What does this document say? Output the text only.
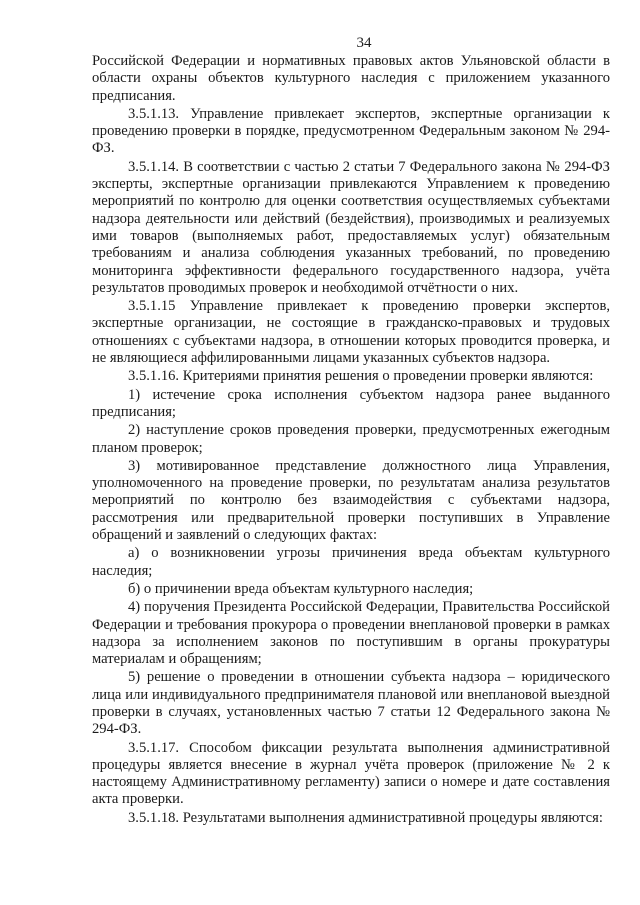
34

Российской Федерации и нормативных правовых актов Ульяновской области в области охраны объектов культурного наследия с приложением указанного предписания.

3.5.1.13. Управление привлекает экспертов, экспертные организации к проведению проверки в порядке, предусмотренном Федеральным законом № 294-ФЗ.

3.5.1.14. В соответствии с частью 2 статьи 7 Федерального закона № 294-ФЗ эксперты, экспертные организации привлекаются Управлением к проведению мероприятий по контролю для оценки соответствия осуществляемых субъектами надзора деятельности или действий (бездействия), производимых и реализуемых ими товаров (выполняемых работ, предоставляемых услуг) обязательным требованиям и анализа соблюдения указанных требований, по проведению мониторинга эффективности федерального государственного надзора, учёта результатов проводимых проверок и необходимой отчётности о них.

3.5.1.15 Управление привлекает к проведению проверки экспертов, экспертные организации, не состоящие в гражданско-правовых и трудовых отношениях с субъектами надзора, в отношении которых проводится проверка, и не являющиеся аффилированными лицами указанных субъектов надзора.

3.5.1.16. Критериями принятия решения о проведении проверки являются:

1) истечение срока исполнения субъектом надзора ранее выданного предписания;

2) наступление сроков проведения проверки, предусмотренных ежегодным планом проверок;

3) мотивированное представление должностного лица Управления, уполномоченного на проведение проверки, по результатам анализа результатов мероприятий по контролю без взаимодействия с субъектами надзора, рассмотрения или предварительной проверки поступивших в Управление обращений и заявлений о следующих фактах:

а) о возникновении угрозы причинения вреда объектам культурного наследия;

б) о причинении вреда объектам культурного наследия;

4) поручения Президента Российской Федерации, Правительства Российской Федерации и требования прокурора о проведении внеплановой проверки в рамках надзора за исполнением законов по поступившим в органы прокуратуры материалам и обращениям;

5) решение о проведении в отношении субъекта надзора – юридического лица или индивидуального предпринимателя плановой или внеплановой выездной проверки в случаях, установленных частью 7 статьи 12 Федерального закона № 294-ФЗ.

3.5.1.17. Способом фиксации результата выполнения административной процедуры является внесение в журнал учёта проверок (приложение № 2 к настоящему Административному регламенту) записи о номере и дате составления акта проверки.

3.5.1.18. Результатами выполнения административной процедуры являются:
